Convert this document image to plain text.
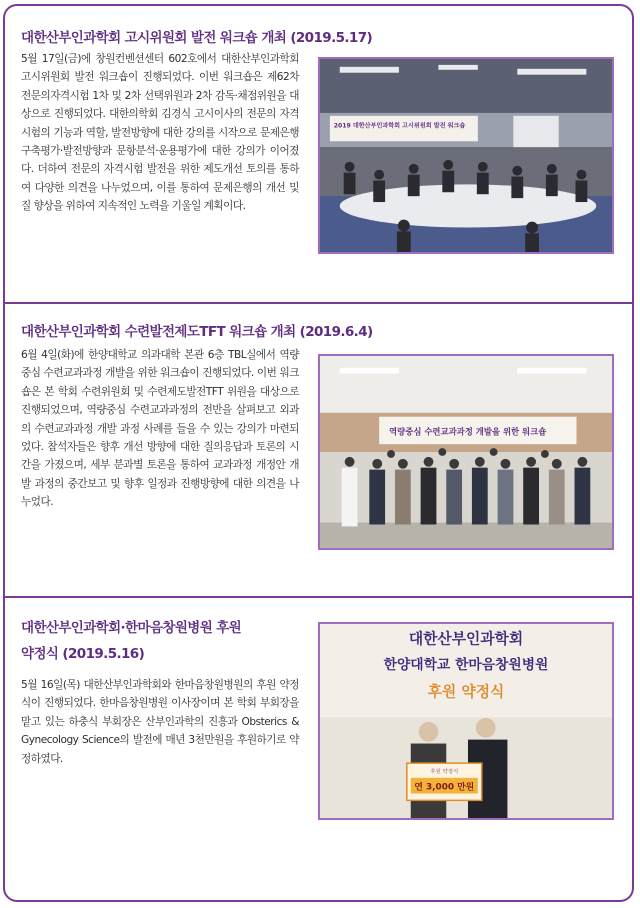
대한산부인과학회 고시위원회 발전 워크숍 개최 (2019.5.17)

5월 17일(금)에 창원컨벤션센터 602호에서 대한산부인과학회 고시위원회 발전 워크숍이 진행되었다. 이번 워크숍은 제62차 전문의자격시험 1차 및 2차 선택위원과 2차 감독·채점위원을 대상으로 진행되었다. 대한의학회 김경식 고시이사의 전문의 자격시험의 기능과 역할, 발전방향에 대한 강의를 시작으로 문제은행 구축평가·발전방향과 문항분석·운용평가에 대한 강의가 이어졌다. 더하여 전문의 자격시험 발전을 위한 제도개선 토의를 통하여 다양한 의견을 나누었으며, 이를 통하여 문제은행의 개선 및 질 향상을 위하여 지속적인 노력을 기울일 계획이다.

2019 대한산부인과학회 고시위원회 발전 워크숍
대한산부인과학회 수련발전제도TFT 워크숍 개최 (2019.6.4)

6월 4일(화)에 한양대학교 의과대학 본관 6층 TBL실에서 역량중심 수련교과과정 개발을 위한 워크숍이 진행되었다. 이번 워크숍은 본 학회 수련위원회 및 수련제도발전TFT 위원을 대상으로 진행되었으며, 역량중심 수련교과과정의 전반을 살펴보고 외과의 수련교과과정 개발 과정 사례를 들을 수 있는 강의가 마련되었다. 참석자들은 향후 개선 방향에 대한 질의응답과 토론의 시간을 가졌으며, 세부 분과별 토론을 통하여 교과과정 개정안 개발 과정의 중간보고 및 향후 일정과 진행방향에 대한 의견을 나누었다.

역량중심 수련교과과정 개발을 위한 워크숍
대한산부인과학회·한마음창원병원 후원
약정식 (2019.5.16)

5월 16일(목) 대한산부인과학회와 한마음창원병원의 후원 약정식이 진행되었다. 한마음창원병원 이사장이며 본 학회 부회장을 맡고 있는 하충식 부회장은 산부인과학의 진흥과 Obsterics & Gynecology Science의 발전에 매년 3천만원을 후원하기로 약정하였다.

대한산부인과학회
한양대학교 한마음창원병원
후원 약정식
후원 약정식
연 3,000 만원
